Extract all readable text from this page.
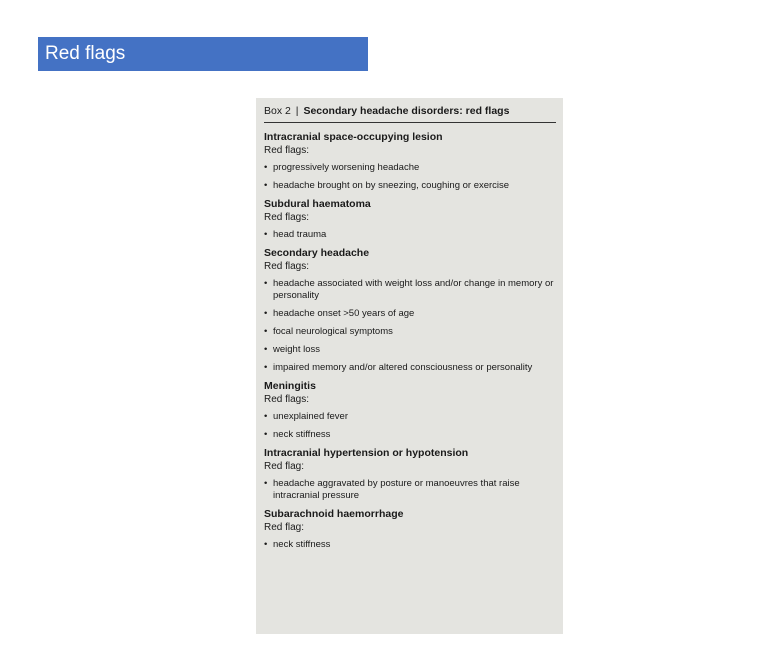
Red flags
Box 2 | Secondary headache disorders: red flags
Intracranial space-occupying lesion
Red flags:
• progressively worsening headache
• headache brought on by sneezing, coughing or exercise
Subdural haematoma
Red flags:
• head trauma
Secondary headache
Red flags:
• headache associated with weight loss and/or change in memory or personality
• headache onset >50 years of age
• focal neurological symptoms
• weight loss
• impaired memory and/or altered consciousness or personality
Meningitis
Red flags:
• unexplained fever
• neck stiffness
Intracranial hypertension or hypotension
Red flag:
• headache aggravated by posture or manoeuvres that raise intracranial pressure
Subarachnoid haemorrhage
Red flag:
• neck stiffness
